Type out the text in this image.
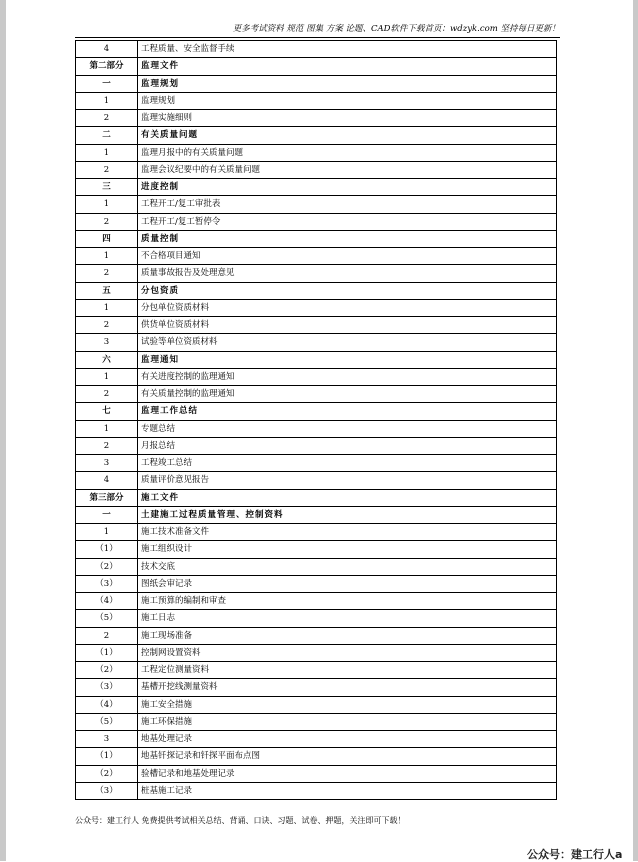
更多考试资料 规范 图集 方案 论题、CAD软件下载首页：wdzyk.com 坚持每日更新！
4	工程质量、安全监督手续
第二部分	监理文件
一	监理规划
1	监理规划
2	监理实施细则
二	有关质量问题
1	监理月报中的有关质量问题
2	监理会议纪要中的有关质量问题
三	进度控制
1	工程开工/复工审批表
2	工程开工/复工暂停令
四	质量控制
1	不合格项目通知
2	质量事故报告及处理意见
五	分包资质
1	分包单位资质材料
2	供货单位资质材料
3	试验等单位资质材料
六	监理通知
1	有关进度控制的监理通知
2	有关质量控制的监理通知
七	监理工作总结
1	专题总结
2	月报总结
3	工程竣工总结
4	质量评价意见报告
第三部分	施工文件
一	土建施工过程质量管理、控制资料
1	施工技术准备文件
（1）	施工组织设计
（2）	技术交底
（3）	图纸会审记录
（4）	施工预算的编制和审查
（5）	施工日志
2	施工现场准备
（1）	控制网设置资料
（2）	工程定位测量资料
（3）	基槽开挖线测量资料
（4）	施工安全措施
（5）	施工环保措施
3	地基处理记录
（1）	地基钎探记录和钎探平面布点图
（2）	验槽记录和地基处理记录
（3）	桩基施工记录
公众号：建工行人 免费提供考试相关总结、背诵、口诀、习题、试卷、押题，关注即可下载！
公众号：建工行人a
